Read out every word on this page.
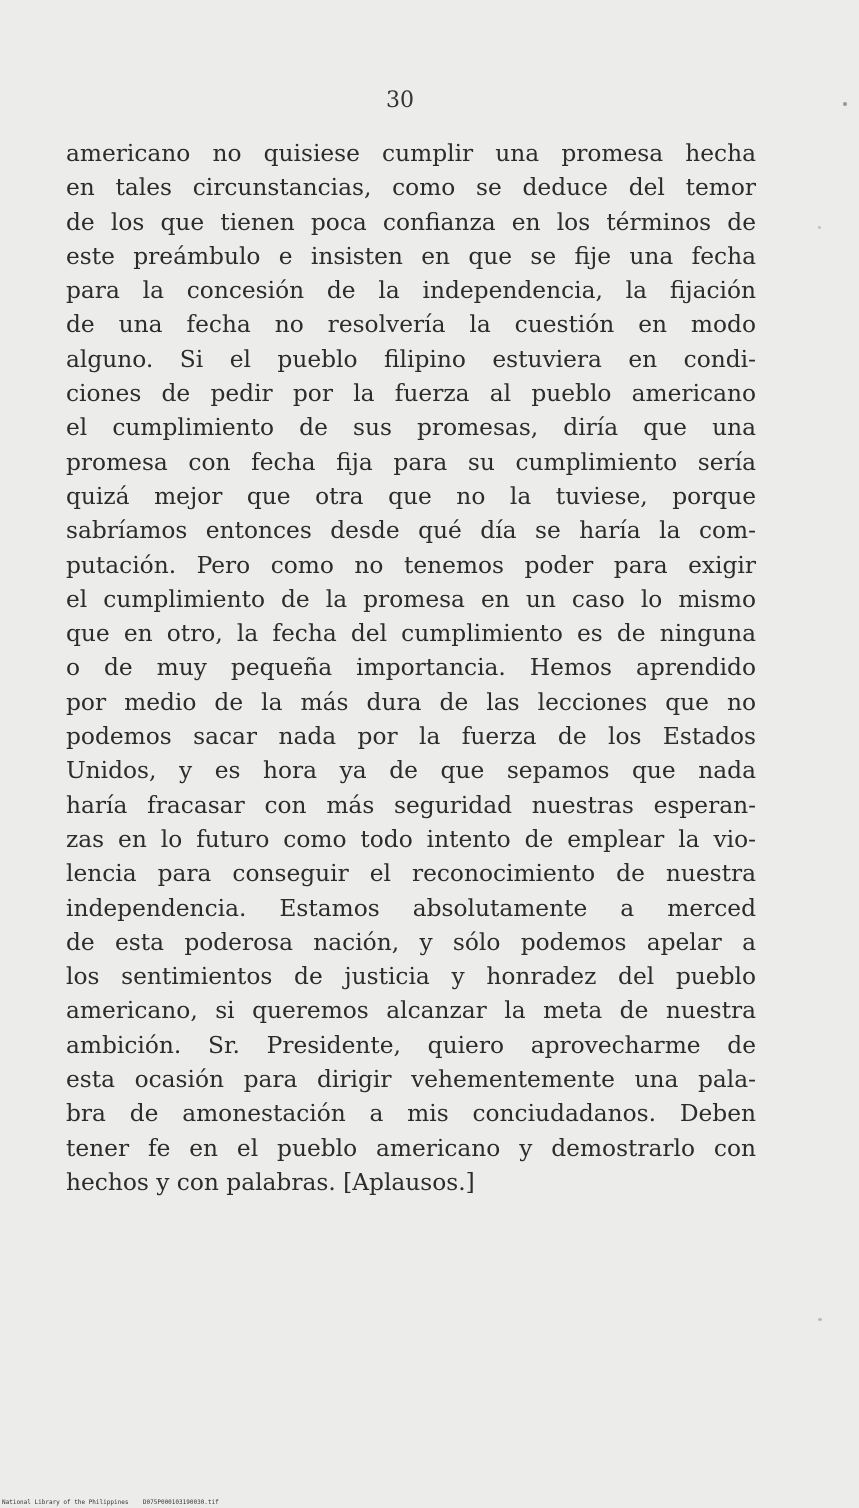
30
americano no quisiese cumplir una promesa hecha
en tales circunstancias, como se deduce del temor
de los que tienen poca confianza en los términos de
este preámbulo e insisten en que se fije una fecha
para la concesión de la independencia, la fijación
de una fecha no resolvería la cuestión en modo
alguno. Si el pueblo filipino estuviera en condi-
ciones de pedir por la fuerza al pueblo americano
el cumplimiento de sus promesas, diría que una
promesa con fecha fija para su cumplimiento sería
quizá mejor que otra que no la tuviese, porque
sabríamos entonces desde qué día se haría la com-
putación. Pero como no tenemos poder para exigir
el cumplimiento de la promesa en un caso lo mismo
que en otro, la fecha del cumplimiento es de ninguna
o de muy pequeña importancia. Hemos aprendido
por medio de la más dura de las lecciones que no
podemos sacar nada por la fuerza de los Estados
Unidos, y es hora ya de que sepamos que nada
haría fracasar con más seguridad nuestras esperan-
zas en lo futuro como todo intento de emplear la vio-
lencia para conseguir el reconocimiento de nuestra
independencia. Estamos absolutamente a merced
de esta poderosa nación, y sólo podemos apelar a
los sentimientos de justicia y honradez del pueblo
americano, si queremos alcanzar la meta de nuestra
ambición. Sr. Presidente, quiero aprovecharme de
esta ocasión para dirigir vehementemente una pala-
bra de amonestación a mis conciudadanos. Deben
tener fe en el pueblo americano y demostrarlo con
hechos y con palabras. [Aplausos.]
National Library of the Philippines D075P000103190030.tif
